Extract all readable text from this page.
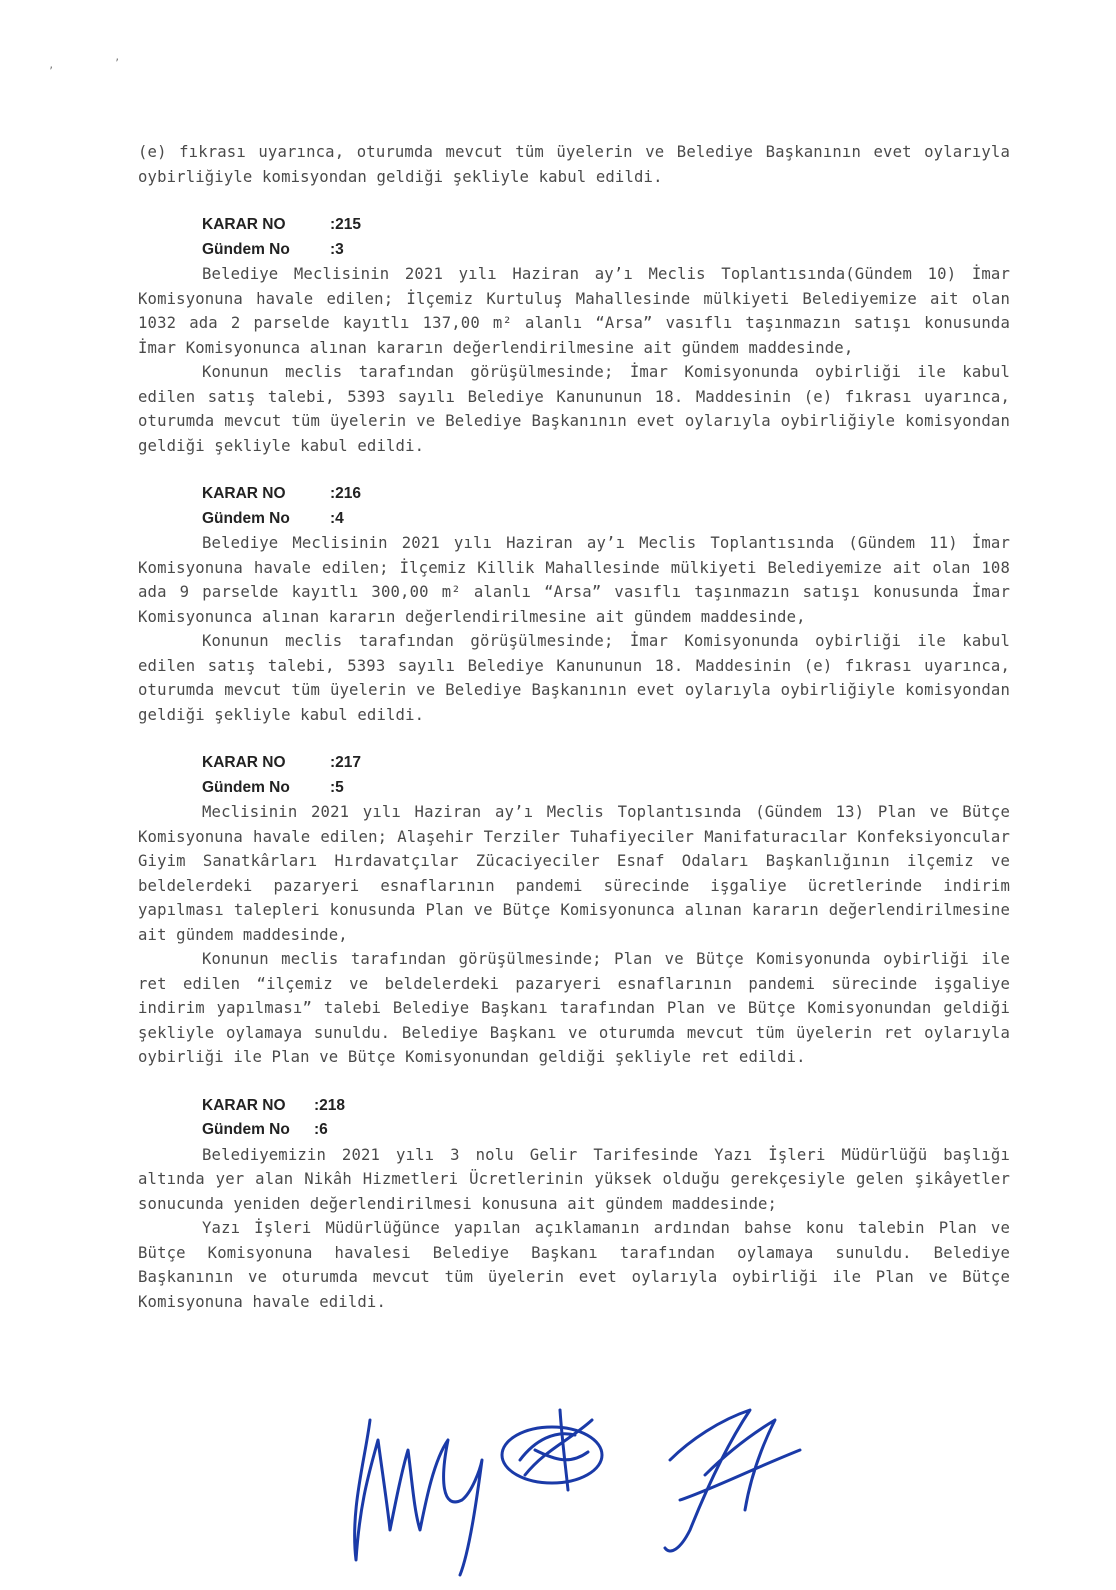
’
’

(e) fıkrası uyarınca, oturumda mevcut tüm üyelerin ve Belediye Başkanının evet oylarıyla oybirliğiyle komisyondan geldiği şekliyle kabul edildi.

KARAR NO	:215
Gündem No	:3

Belediye Meclisinin 2021 yılı Haziran ay’ı Meclis Toplantısında(Gündem 10) İmar Komisyonuna havale edilen; İlçemiz Kurtuluş Mahallesinde mülkiyeti Belediyemize ait olan 1032 ada 2 parselde kayıtlı 137,00 m² alanlı “Arsa” vasıflı taşınmazın satışı konusunda İmar Komisyonunca alınan kararın değerlendirilmesine ait gündem maddesinde,

Konunun meclis tarafından görüşülmesinde; İmar Komisyonunda oybirliği ile kabul edilen satış talebi, 5393 sayılı Belediye Kanununun 18. Maddesinin (e) fıkrası uyarınca, oturumda mevcut tüm üyelerin ve Belediye Başkanının evet oylarıyla oybirliğiyle komisyondan geldiği şekliyle kabul edildi.

KARAR NO	:216
Gündem No	:4

Belediye Meclisinin 2021 yılı Haziran ay’ı Meclis Toplantısında (Gündem 11) İmar Komisyonuna havale edilen; İlçemiz Killik Mahallesinde mülkiyeti Belediyemize ait olan 108 ada 9 parselde kayıtlı 300,00 m² alanlı “Arsa” vasıflı taşınmazın satışı konusunda İmar Komisyonunca alınan kararın değerlendirilmesine ait gündem maddesinde,

Konunun meclis tarafından görüşülmesinde; İmar Komisyonunda oybirliği ile kabul edilen satış talebi, 5393 sayılı Belediye Kanununun 18. Maddesinin (e) fıkrası uyarınca, oturumda mevcut tüm üyelerin ve Belediye Başkanının evet oylarıyla oybirliğiyle komisyondan geldiği şekliyle kabul edildi.

KARAR NO	:217
Gündem No	:5

Meclisinin 2021 yılı Haziran ay’ı Meclis Toplantısında (Gündem 13) Plan ve Bütçe Komisyonuna havale edilen; Alaşehir Terziler Tuhafiyeciler Manifaturacılar Konfeksiyoncular Giyim Sanatkârları Hırdavatçılar Zücaciyeciler Esnaf Odaları Başkanlığının ilçemiz ve beldelerdeki pazaryeri esnaflarının pandemi sürecinde işgaliye ücretlerinde indirim yapılması talepleri konusunda Plan ve Bütçe Komisyonunca alınan kararın değerlendirilmesine ait gündem maddesinde,

Konunun meclis tarafından görüşülmesinde; Plan ve Bütçe Komisyonunda oybirliği ile ret edilen “ilçemiz ve beldelerdeki pazaryeri esnaflarının pandemi sürecinde işgaliye indirim yapılması” talebi Belediye Başkanı tarafından Plan ve Bütçe Komisyonundan geldiği şekliyle oylamaya sunuldu. Belediye Başkanı ve oturumda mevcut tüm üyelerin ret oylarıyla oybirliği ile Plan ve Bütçe Komisyonundan geldiği şekliyle ret edildi.

KARAR NO :218
Gündem No :6

Belediyemizin 2021 yılı 3 nolu Gelir Tarifesinde Yazı İşleri Müdürlüğü başlığı altında yer alan Nikâh Hizmetleri Ücretlerinin yüksek olduğu gerekçesiyle gelen şikâyetler sonucunda yeniden değerlendirilmesi konusuna ait gündem maddesinde;

Yazı İşleri Müdürlüğünce yapılan açıklamanın ardından bahse konu talebin Plan ve Bütçe Komisyonuna havalesi Belediye Başkanı tarafından oylamaya sunuldu. Belediye Başkanının ve oturumda mevcut tüm üyelerin evet oylarıyla oybirliği ile Plan ve Bütçe Komisyonuna havale edildi.
